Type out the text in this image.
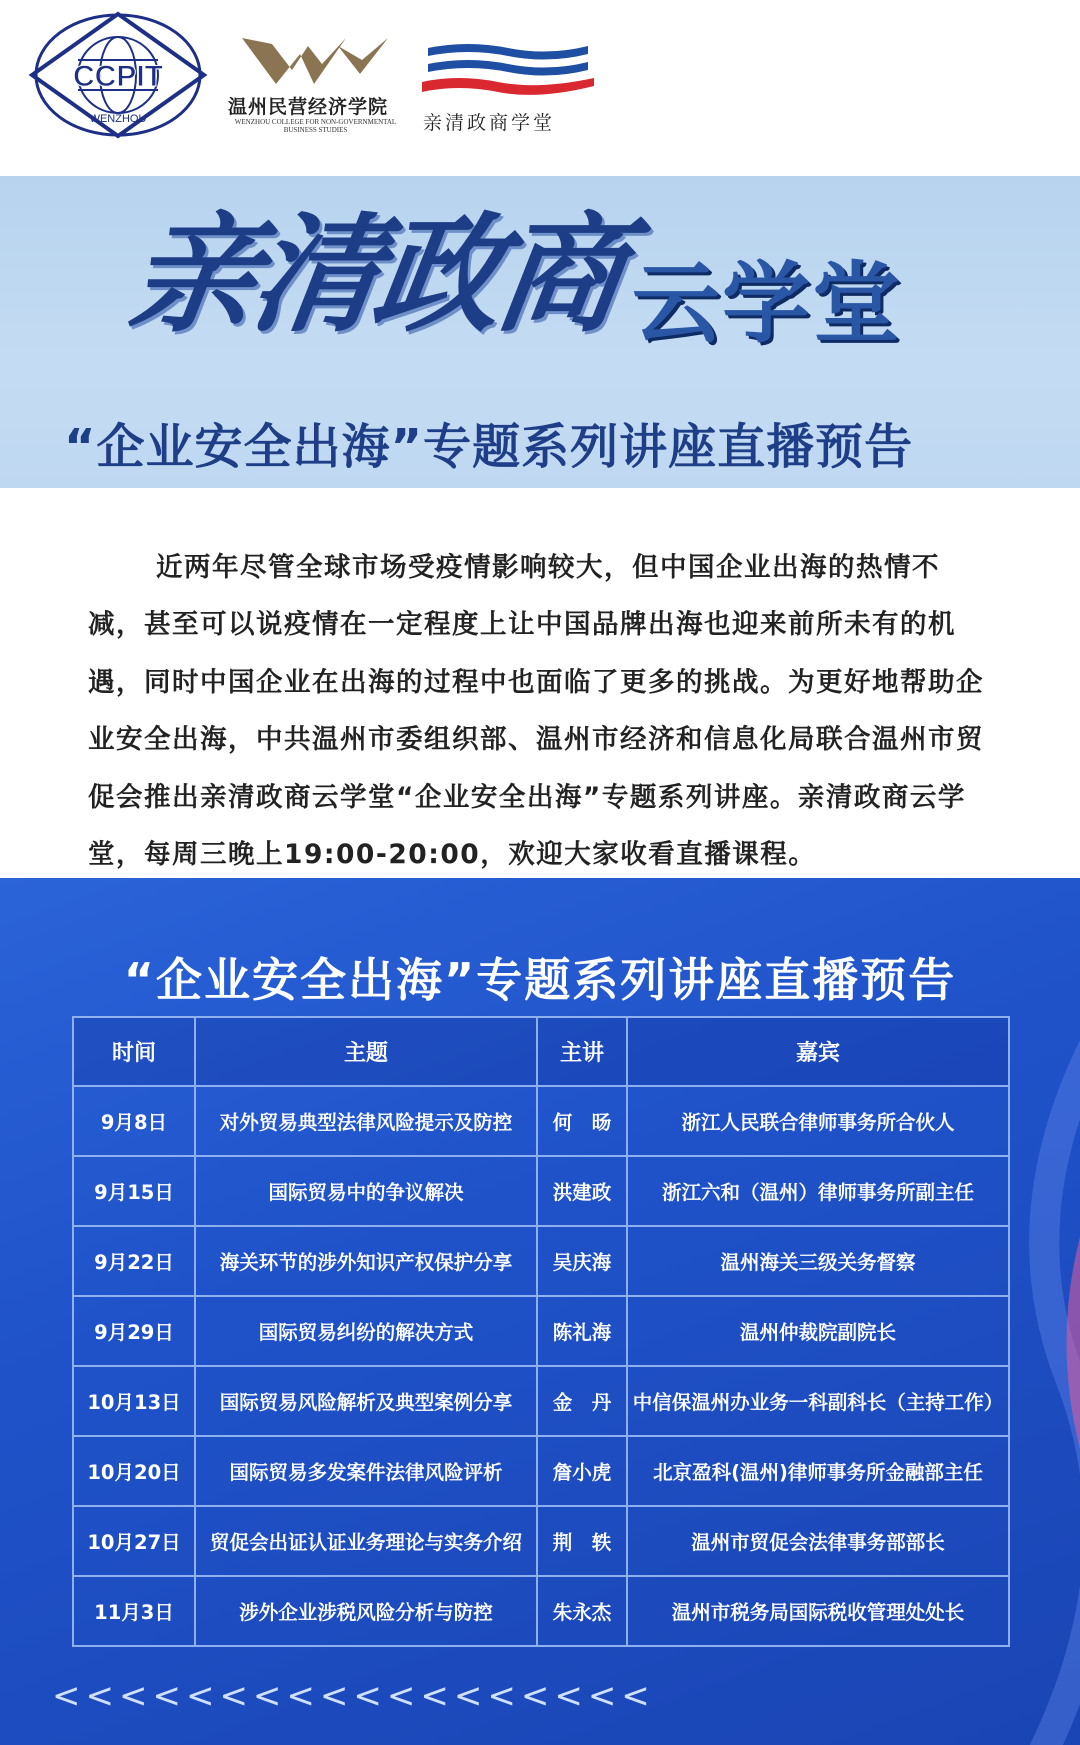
CCPIT
WENZHOU
温州民营经济学院
WENZHOU COLLEGE FOR NON-GOVERNMENTAL BUSINESS STUDIES	亲清政商学堂
亲清政商 云学堂
“企业安全出海”专题系列讲座直播预告

近两年尽管全球市场受疫情影响较大，但中国企业出海的热情不减，甚至可以说疫情在一定程度上让中国品牌出海也迎来前所未有的机遇，同时中国企业在出海的过程中也面临了更多的挑战。为更好地帮助企业安全出海，中共温州市委组织部、温州市经济和信息化局联合温州市贸促会推出亲清政商云学堂“企业安全出海”专题系列讲座。亲清政商云学堂，每周三晚上19:00-20:00，欢迎大家收看直播课程。

“企业安全出海”专题系列讲座直播预告
时间	主题	主讲	嘉宾
9月8日	对外贸易典型法律风险提示及防控	何　旸	浙江人民联合律师事务所合伙人
9月15日	国际贸易中的争议解决	洪建政	浙江六和（温州）律师事务所副主任
9月22日	海关环节的涉外知识产权保护分享	吴庆海	温州海关三级关务督察
9月29日	国际贸易纠纷的解决方式	陈礼海	温州仲裁院副院长
10月13日	国际贸易风险解析及典型案例分享	金　丹	中信保温州办业务一科副科长（主持工作）
10月20日	国际贸易多发案件法律风险评析	詹小虎	北京盈科(温州)律师事务所金融部主任
10月27日	贸促会出证认证业务理论与实务介绍	荆　轶	温州市贸促会法律事务部部长
11月3日	涉外企业涉税风险分析与防控	朱永杰	温州市税务局国际税收管理处处长
<<<<<<<<<<<<<<<<<<
